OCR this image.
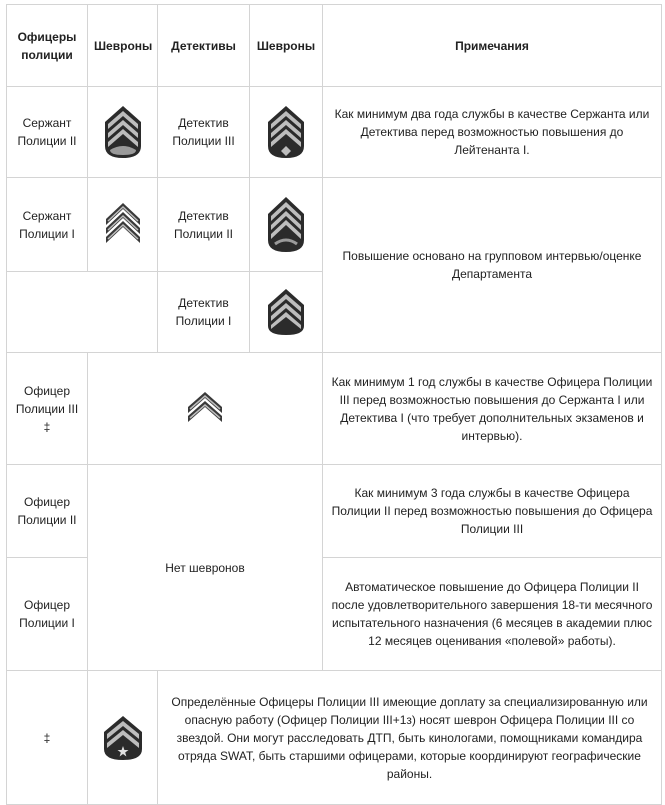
Офицеры полиции	Шевроны	Детективы	Шевроны	Примечания
Сержант Полиции II		Детектив Полиции III		Как минимум два года службы в качестве Сержанта или Детектива перед возможностью повышения до Лейтенанта I.
Сержант Полиции I		Детектив Полиции II		Повышение основано на групповом интервью/оценке Департамента
		Детектив Полиции I	

Офицер Полиции III ‡				Как минимум 1 год службы в качестве Офицера Полиции III перед возможностью повышения до Сержанта I или Детектива I (что требует дополнительных экзаменов и интервью).
Офицер Полиции II	Нет шевронов			Как минимум 3 года службы в качестве Офицера Полиции II перед возможностью повышения до Офицера Полиции III
Офицер Полиции I				Автоматическое повышение до Офицера Полиции II после удовлетворительного завершения 18-ти месячного испытательного назначения (6 месяцев в академии плюс 12 месяцев оценивания «полевой» работы).
‡		Определённые Офицеры Полиции III имеющие доплату за специализированную или опасную работу (Офицер Полиции III+1з) носят шеврон Офицера Полиции III со звездой. Они могут расследовать ДТП, быть кинологами, помощниками командира отряда SWAT, быть старшими офицерами, которые координируют географические районы.		
